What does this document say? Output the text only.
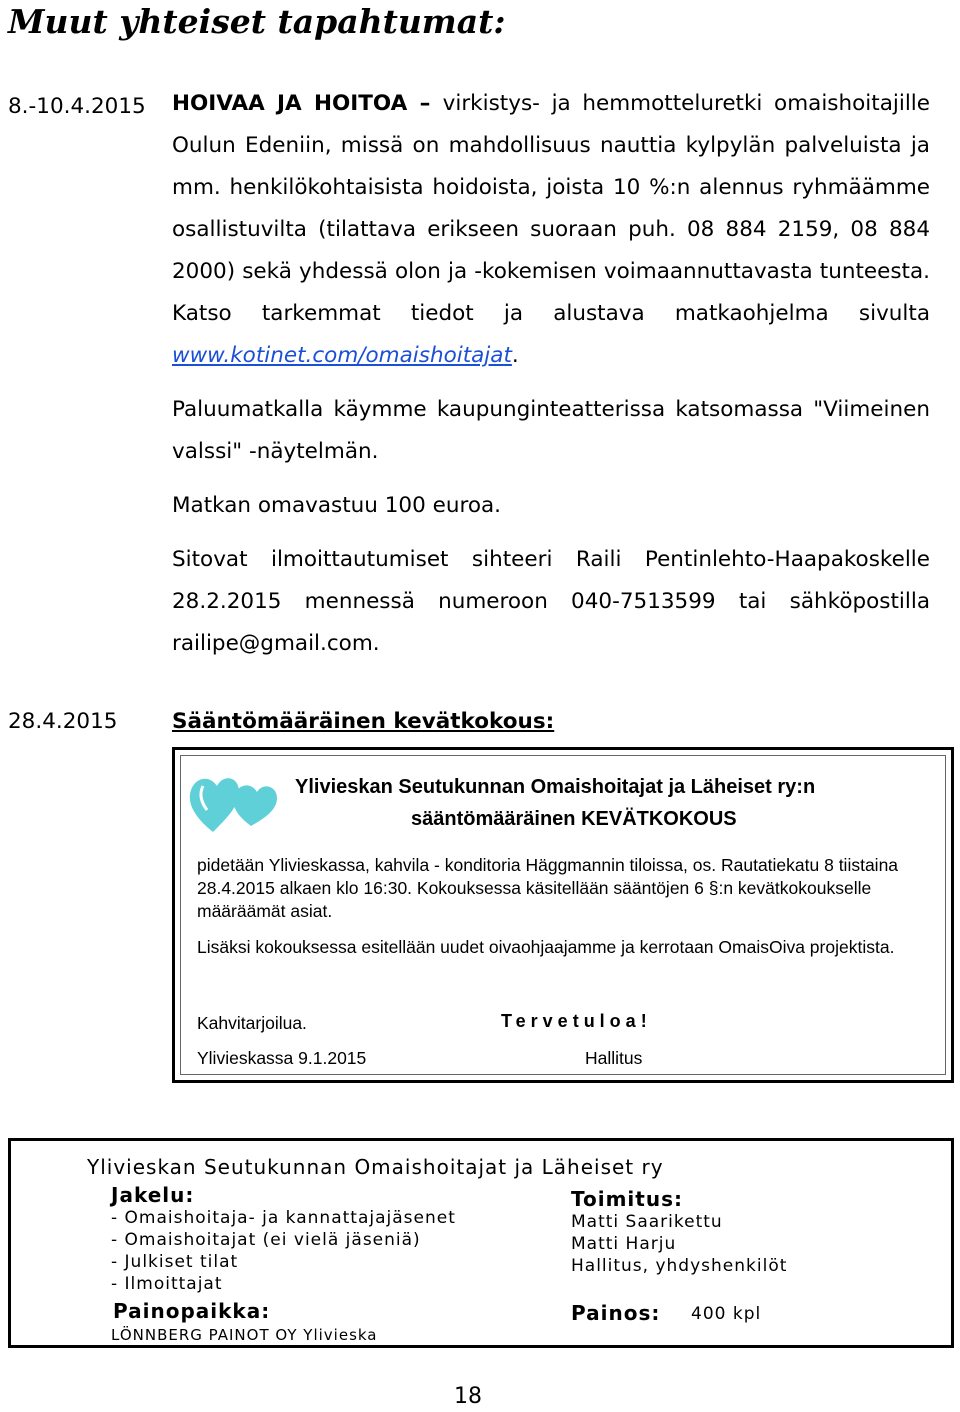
Muut yhteiset tapahtumat:
8.-10.4.2015 HOIVAA JA HOITOA – virkistys- ja hemmotteluretki omaishoitajille Oulun Edeniin, missä on mahdollisuus nauttia kylpylän palveluista ja mm. henkilökohtaisista hoidoista, joista 10 %:n alennus ryhmäämme osallistuvilta (tilattava erikseen suoraan puh. 08 884 2159, 08 884 2000) sekä yhdessä olon ja -kokemisen voimaannuttavasta tunteesta. Katso tarkemmat tiedot ja alustava matkaohjelma sivulta www.kotinet.com/omaishoitajat.

Paluumatkalla käymme kaupunginteatterissa katsomassa "Viimeinen valssi" -näytelmän.

Matkan omavastuu 100 euroa.

Sitovat ilmoittautumiset sihteeri Raili Pentinlehto-Haapakoskelle 28.2.2015 mennessä numeroon 040-7513599 tai sähköpostilla railipe@gmail.com.

28.4.2015	Sääntömääräinen kevätkokous:
Ylivieskan Seutukunnan Omaishoitajat ja Läheiset ry:n
sääntömääräinen KEVÄTKOKOUS
pidetään Ylivieskassa, kahvila - konditoria Häggmannin tiloissa, os. Rautatiekatu 8 tiistaina 28.4.2015 alkaen klo 16:30. Kokouksessa käsitellään sääntöjen 6 §:n kevätkokoukselle määräämät asiat.
Lisäksi kokouksessa esitellään uudet oivaohjaajamme ja kerrotaan OmaisOiva projektista.
Kahvitarjoilua.	Tervetuloa!
Ylivieskassa 9.1.2015	Hallitus
Ylivieskan Seutukunnan Omaishoitajat ja Läheiset ry
Jakelu:
- Omaishoitaja- ja kannattajajäsenet
- Omaishoitajat (ei vielä jäseniä)
- Julkiset tilat
- Ilmoittajat
Toimitus:
Matti Saarikettu
Matti Harju
Hallitus, yhdyshenkilöt
Painopaikka:
LÖNNBERG PAINOT OY Ylivieska
Painos: 400 kpl
18
